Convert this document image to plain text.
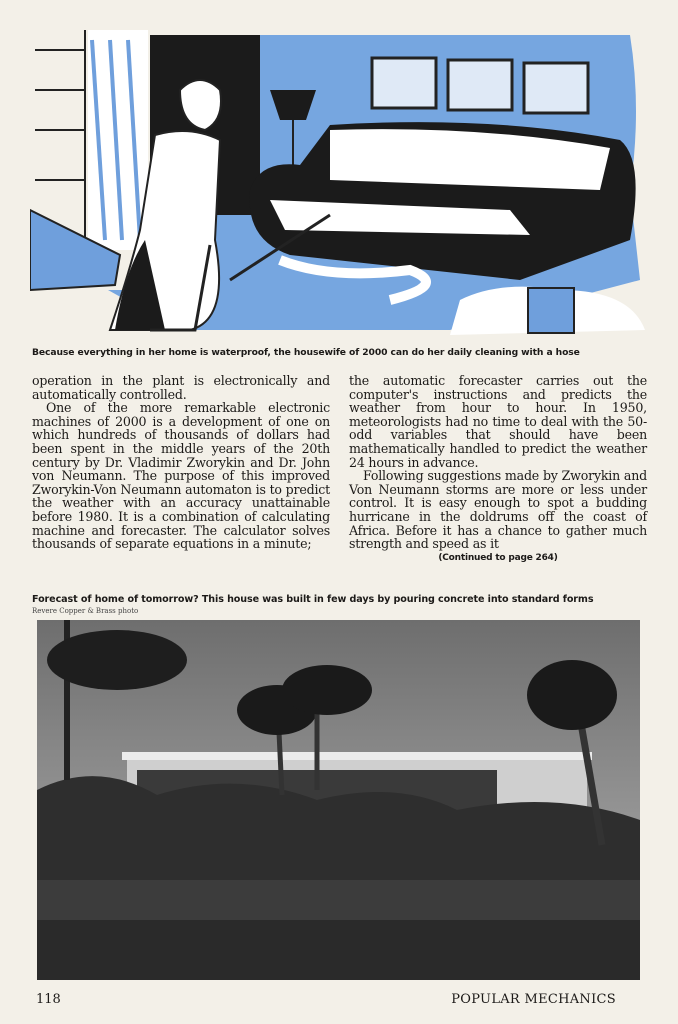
Because everything in her home is waterproof, the housewife of 2000 can do her daily cleaning with a hose

operation in the plant is electronically and automatically controlled.

One of the more remarkable electronic machines of 2000 is a development of one on which hundreds of thousands of dollars had been spent in the middle years of the 20th century by Dr. Vladimir Zworykin and Dr. John von Neumann. The purpose of this improved Zworykin-Von Neumann automaton is to predict the weather with an accuracy unattainable before 1980. It is a combination of calculating machine and forecaster. The calculator solves thousands of separate equations in a minute;

the automatic forecaster carries out the computer's instructions and predicts the weather from hour to hour. In 1950, meteorologists had no time to deal with the 50-odd variables that should have been mathematically handled to predict the weather 24 hours in advance.

Following suggestions made by Zworykin and Von Neumann storms are more or less under control. It is easy enough to spot a budding hurricane in the doldrums off the coast of Africa. Before it has a chance to gather much strength and speed as it

(Continued to page 264)
Forecast of home of tomorrow? This house was built in few days by pouring concrete into standard forms
Revere Copper & Brass photo
118	POPULAR MECHANICS
